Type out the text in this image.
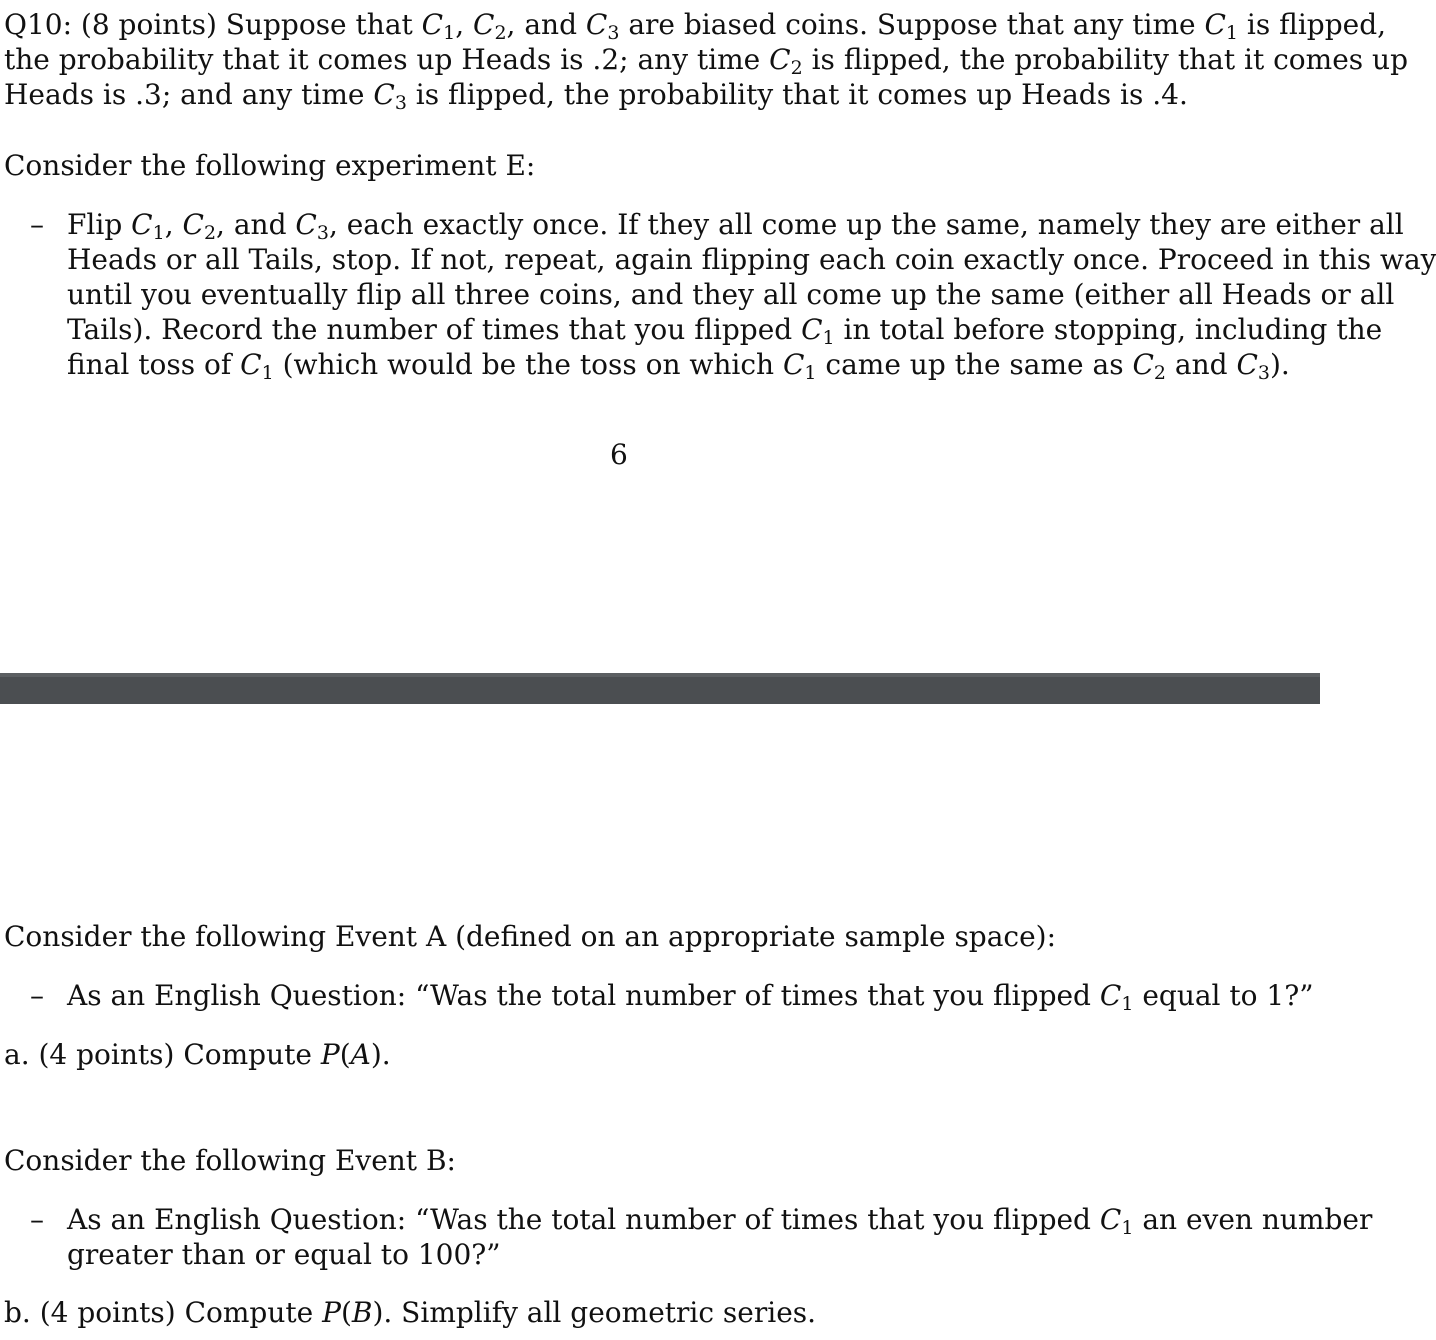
Q10: (8 points) Suppose that $C_1$, $C_2$, and $C_3$ are biased coins. Suppose that any time $C_1$ is flipped,
the probability that it comes up Heads is .2; any time $C_2$ is flipped, the probability that it comes up
Heads is .3; and any time $C_3$ is flipped, the probability that it comes up Heads is .4.
Consider the following experiment E:
– Flip $C_1$, $C_2$, and $C_3$, each exactly once. If they all come up the same, namely they are either all
Heads or all Tails, stop. If not, repeat, again flipping each coin exactly once. Proceed in this way
until you eventually flip all three coins, and they all come up the same (either all Heads or all
Tails). Record the number of times that you flipped $C_1$ in total before stopping, including the
final toss of $C_1$ (which would be the toss on which $C_1$ came up the same as $C_2$ and $C_3$).
6
Consider the following Event A (defined on an appropriate sample space):
– As an English Question: “Was the total number of times that you flipped $C_1$ equal to 1?”
a. (4 points) Compute P(A).
Consider the following Event B:
– As an English Question: “Was the total number of times that you flipped $C_1$ an even number
greater than or equal to 100?”
b. (4 points) Compute P(B). Simplify all geometric series.
